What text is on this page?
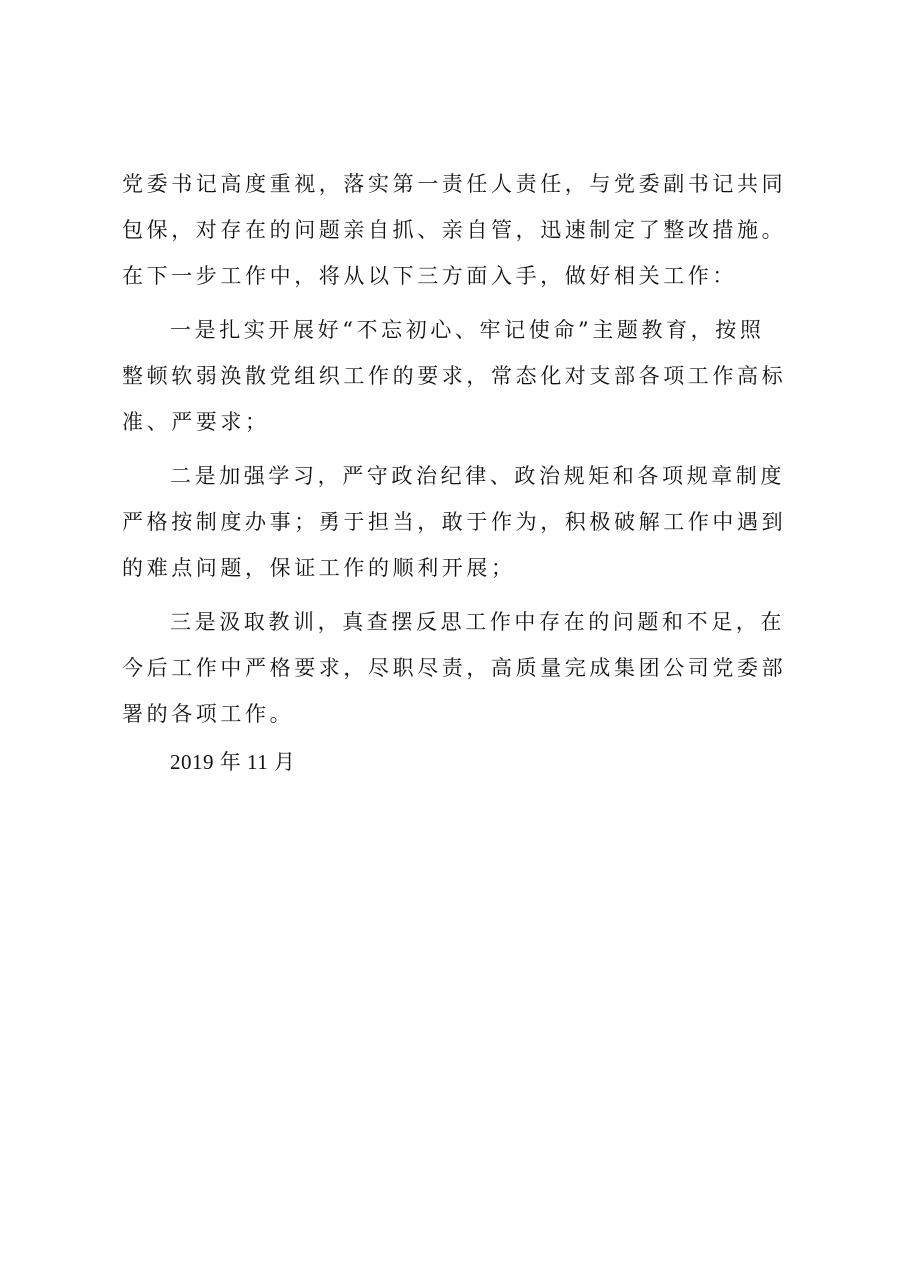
党委书记高度重视，落实第一责任人责任，与党委副书记共同
包保，对存在的问题亲自抓、亲自管，迅速制定了整改措施。
在下一步工作中，将从以下三方面入手，做好相关工作：
一是扎实开展好“不忘初心、牢记使命”主题教育，按照
整顿软弱涣散党组织工作的要求，常态化对支部各项工作高标
准、严要求；
二是加强学习，严守政治纪律、政治规矩和各项规章制度
严格按制度办事；勇于担当，敢于作为，积极破解工作中遇到
的难点问题，保证工作的顺利开展；
三是汲取教训，真查摆反思工作中存在的问题和不足，在
今后工作中严格要求，尽职尽责，高质量完成集团公司党委部
署的各项工作。
2019 年 11 月
